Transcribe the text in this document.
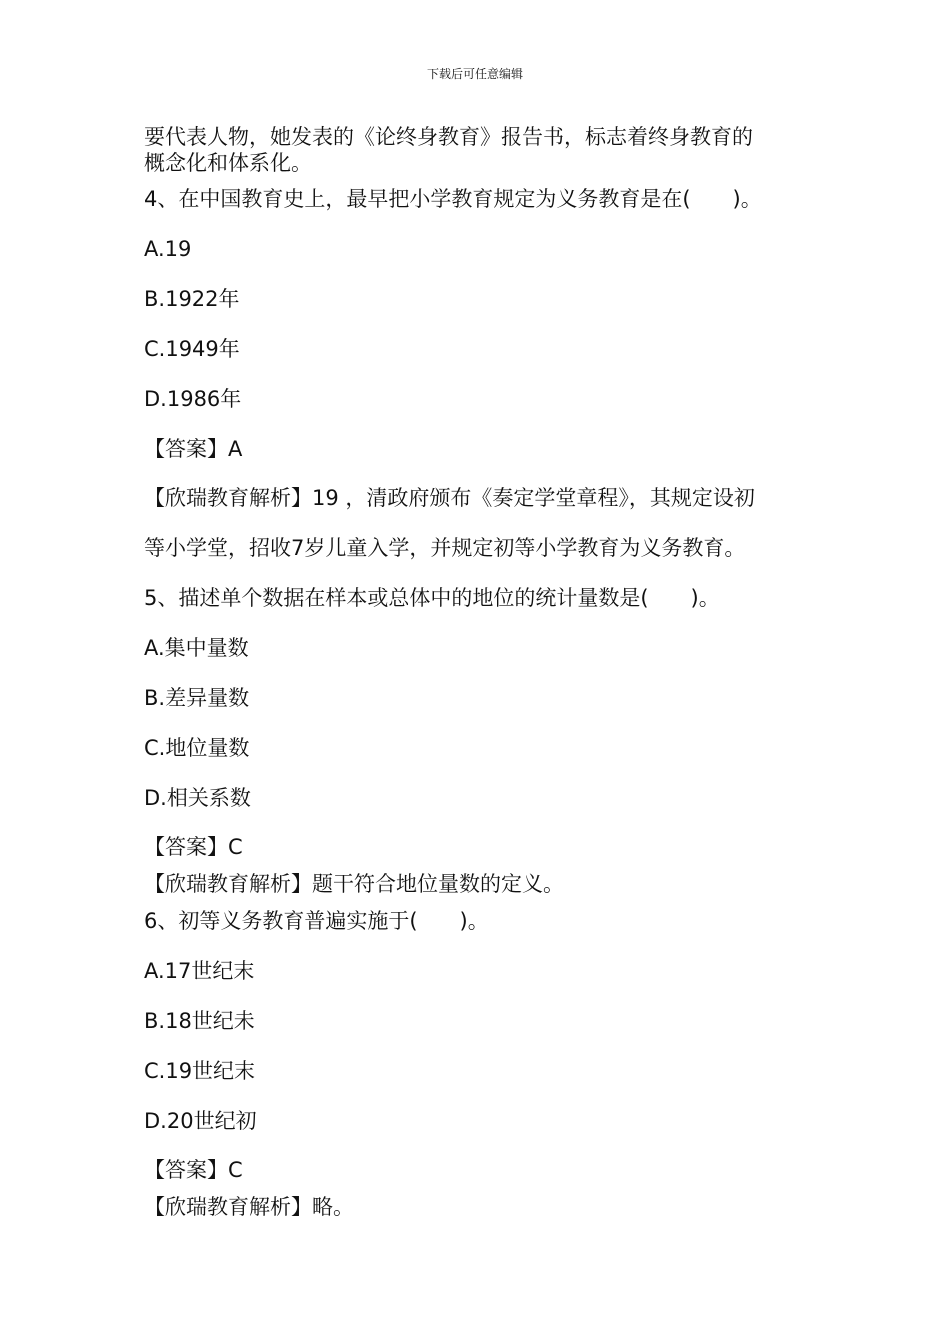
下载后可任意编辑
要代表人物，她发表的《论终身教育》报告书，标志着终身教育的
概念化和体系化。
4、在中国教育史上，最早把小学教育规定为义务教育是在(　　)。
A.19
B.1922年
C.1949年
D.1986年
【答案】A
【欣瑞教育解析】19 ，清政府颁布《奏定学堂章程》，其规定设初
等小学堂，招收7岁儿童入学，并规定初等小学教育为义务教育。
5、描述单个数据在样本或总体中的地位的统计量数是(　　)。
A.集中量数
B.差异量数
C.地位量数
D.相关系数
【答案】C
【欣瑞教育解析】题干符合地位量数的定义。
6、初等义务教育普遍实施于(　　)。
A.17世纪末
B.18世纪未
C.19世纪末
D.20世纪初
【答案】C
【欣瑞教育解析】略。
